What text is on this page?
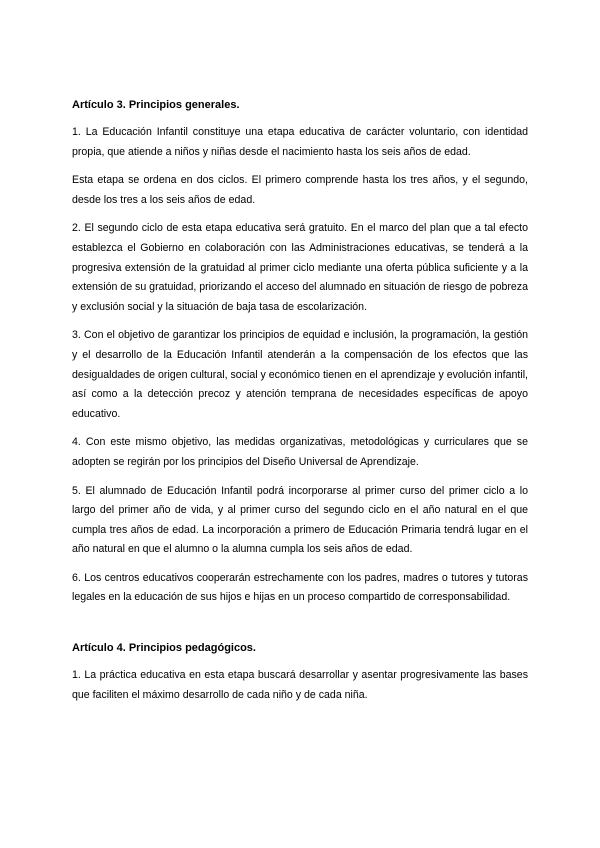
Artículo 3. Principios generales.

1. La Educación Infantil constituye una etapa educativa de carácter voluntario, con identidad propia, que atiende a niños y niñas desde el nacimiento hasta los seis años de edad.

Esta etapa se ordena en dos ciclos. El primero comprende hasta los tres años, y el segundo, desde los tres a los seis años de edad.

2. El segundo ciclo de esta etapa educativa será gratuito. En el marco del plan que a tal efecto establezca el Gobierno en colaboración con las Administraciones educativas, se tenderá a la progresiva extensión de la gratuidad al primer ciclo mediante una oferta pública suficiente y a la extensión de su gratuidad, priorizando el acceso del alumnado en situación de riesgo de pobreza y exclusión social y la situación de baja tasa de escolarización.

3. Con el objetivo de garantizar los principios de equidad e inclusión, la programación, la gestión y el desarrollo de la Educación Infantil atenderán a la compensación de los efectos que las desigualdades de origen cultural, social y económico tienen en el aprendizaje y evolución infantil, así como a la detección precoz y atención temprana de necesidades específicas de apoyo educativo.

4. Con este mismo objetivo, las medidas organizativas, metodológicas y curriculares que se adopten se regirán por los principios del Diseño Universal de Aprendizaje.

5. El alumnado de Educación Infantil podrá incorporarse al primer curso del primer ciclo a lo largo del primer año de vida, y al primer curso del segundo ciclo en el año natural en el que cumpla tres años de edad. La incorporación a primero de Educación Primaria tendrá lugar en el año natural en que el alumno o la alumna cumpla los seis años de edad.

6. Los centros educativos cooperarán estrechamente con los padres, madres o tutores y tutoras legales en la educación de sus hijos e hijas en un proceso compartido de corresponsabilidad.

Artículo 4. Principios pedagógicos.

1. La práctica educativa en esta etapa buscará desarrollar y asentar progresivamente las bases que faciliten el máximo desarrollo de cada niño y de cada niña.
